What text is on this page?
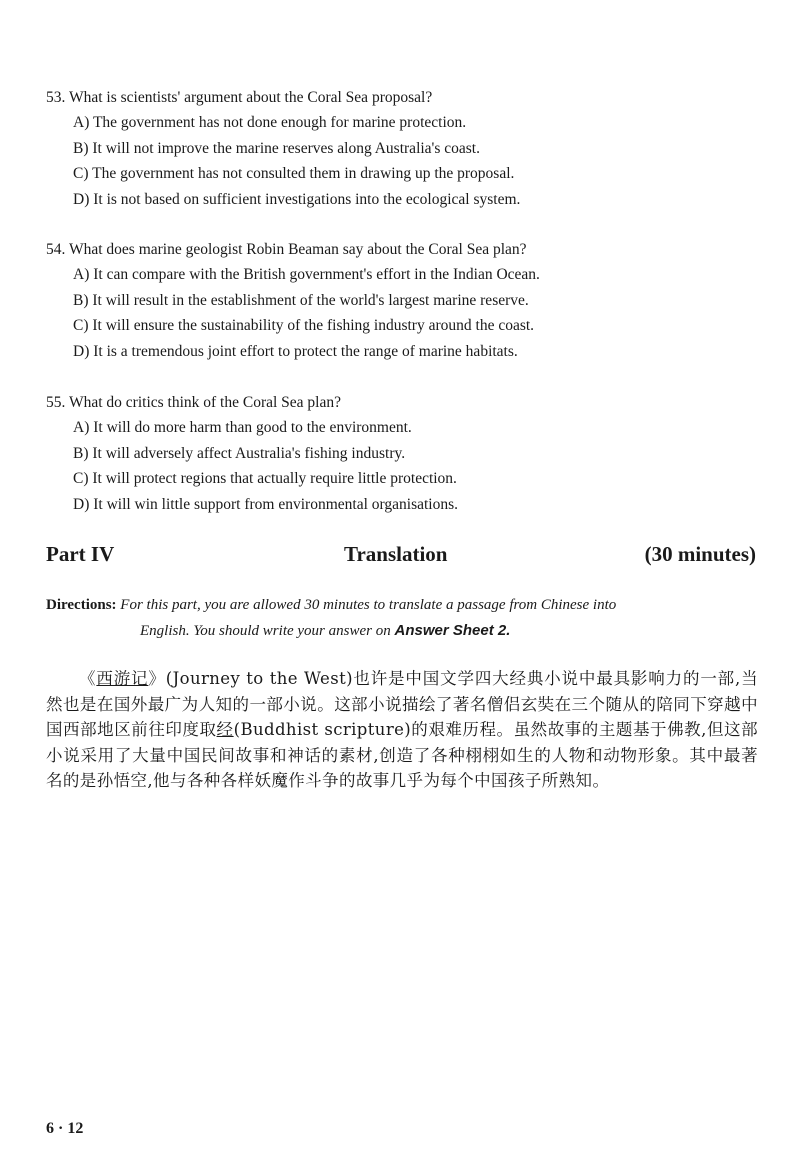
53. What is scientists' argument about the Coral Sea proposal?
A) The government has not done enough for marine protection.
B) It will not improve the marine reserves along Australia's coast.
C) The government has not consulted them in drawing up the proposal.
D) It is not based on sufficient investigations into the ecological system.
54. What does marine geologist Robin Beaman say about the Coral Sea plan?
A) It can compare with the British government's effort in the Indian Ocean.
B) It will result in the establishment of the world's largest marine reserve.
C) It will ensure the sustainability of the fishing industry around the coast.
D) It is a tremendous joint effort to protect the range of marine habitats.
55. What do critics think of the Coral Sea plan?
A) It will do more harm than good to the environment.
B) It will adversely affect Australia's fishing industry.
C) It will protect regions that actually require little protection.
D) It will win little support from environmental organisations.
Part IV	Translation	(30 minutes)
Directions: For this part, you are allowed 30 minutes to translate a passage from Chinese into
English. You should write your answer on Answer Sheet 2.
《西游记》(Journey to the West)也许是中国文学四大经典小说中最具影响力的一部,当然也是在国外最广为人知的一部小说。这部小说描绘了著名僧侣玄奘在三个随从的陪同下穿越中国西部地区前往印度取经(Buddhist scripture)的艰难历程。虽然故事的主题基于佛教,但这部小说采用了大量中国民间故事和神话的素材,创造了各种栩栩如生的人物和动物形象。其中最著名的是孙悟空,他与各种各样妖魔作斗争的故事几乎为每个中国孩子所熟知。
6 · 12
